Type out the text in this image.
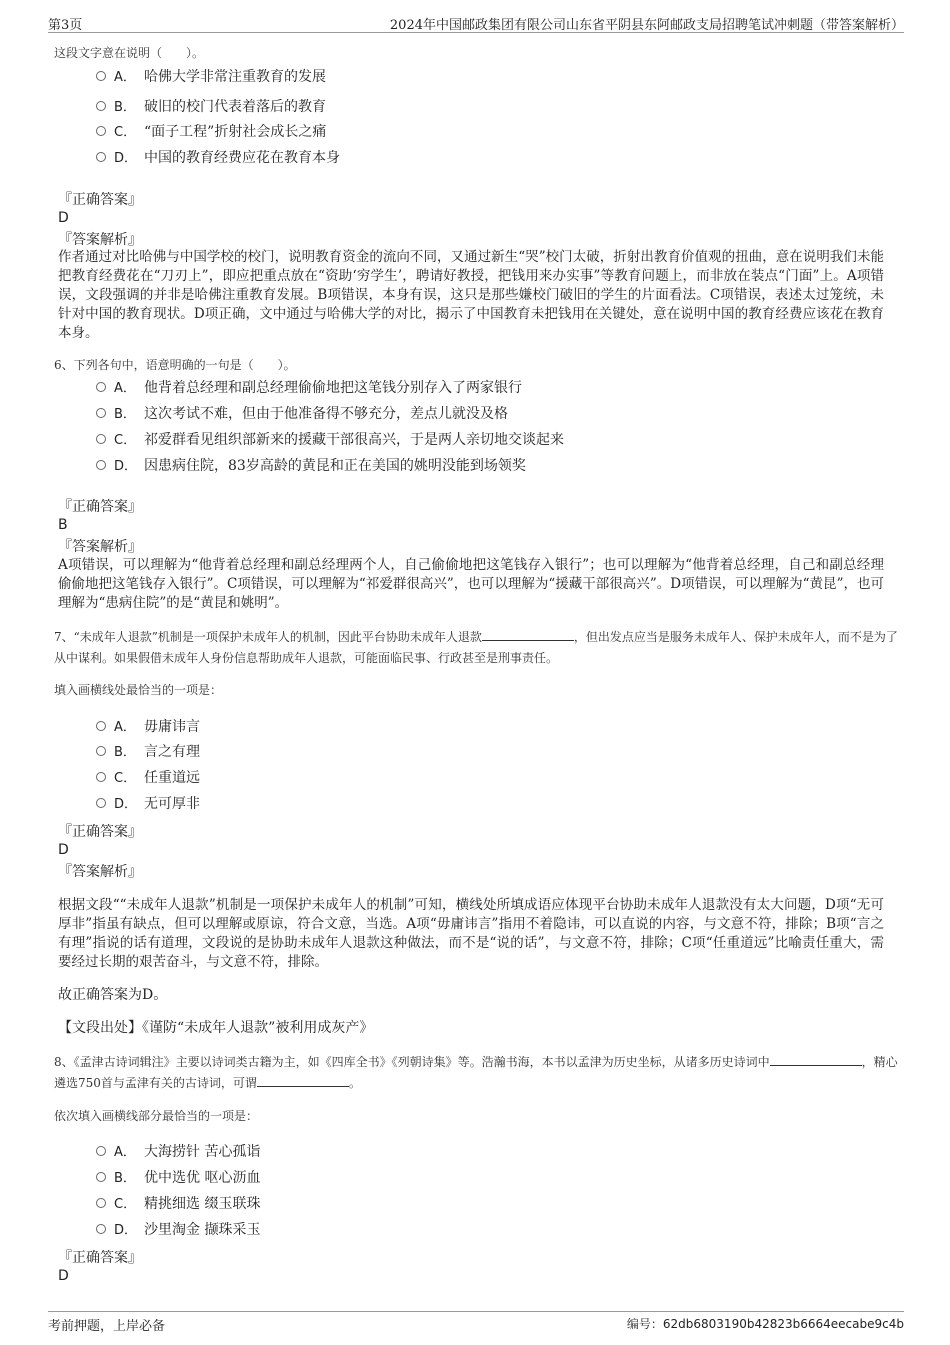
第3页	2024年中国邮政集团有限公司山东省平阴县东阿邮政支局招聘笔试冲刺题（带答案解析）
这段文字意在说明（　　）。
A． 哈佛大学非常注重教育的发展
B． 破旧的校门代表着落后的教育
C． “面子工程”折射社会成长之痛
D． 中国的教育经费应花在教育本身
『正确答案』
D
『答案解析』
作者通过对比哈佛与中国学校的校门，说明教育资金的流向不同，又通过新生“哭”校门太破，折射出教育价值观的扭曲，意在说明我们未能把教育经费花在“刀刃上”，即应把重点放在“资助‘穷学生’，聘请好教授，把钱用来办实事”等教育问题上，而非放在装点“门面”上。A项错误，文段强调的并非是哈佛注重教育发展。B项错误，本身有误，这只是那些嫌校门破旧的学生的片面看法。C项错误，表述太过笼统，未针对中国的教育现状。D项正确，文中通过与哈佛大学的对比，揭示了中国教育未把钱用在关键处，意在说明中国的教育经费应该花在教育本身。
6、下列各句中，语意明确的一句是（　　）。
A． 他背着总经理和副总经理偷偷地把这笔钱分别存入了两家银行
B． 这次考试不难，但由于他准备得不够充分，差点儿就没及格
C． 祁爱群看见组织部新来的援藏干部很高兴，于是两人亲切地交谈起来
D． 因患病住院，83岁高龄的黄昆和正在美国的姚明没能到场领奖
『正确答案』
B
『答案解析』
A项错误，可以理解为“他背着总经理和副总经理两个人，自己偷偷地把这笔钱存入银行”；也可以理解为“他背着总经理，自己和副总经理偷偷地把这笔钱存入银行”。C项错误，可以理解为“祁爱群很高兴”，也可以理解为“援藏干部很高兴”。D项错误，可以理解为“黄昆”，也可理解为“患病住院”的是“黄昆和姚明”。
7、“未成年人退款”机制是一项保护未成年人的机制，因此平台协助未成年人退款	，但出发点应当是服务未成年人、保护未成年人，而不是为了从中谋利。如果假借未成年人身份信息帮助成年人退款，可能面临民事、行政甚至是刑事责任。
填入画横线处最恰当的一项是：
A． 毋庸讳言
B． 言之有理
C． 任重道远
D． 无可厚非
『正确答案』
D
『答案解析』
根据文段““未成年人退款”机制是一项保护未成年人的机制”可知，横线处所填成语应体现平台协助未成年人退款没有太大问题，D项“无可厚非”指虽有缺点，但可以理解或原谅，符合文意，当选。A项“毋庸讳言”指用不着隐讳，可以直说的内容，与文意不符，排除；B项“言之有理”指说的话有道理，文段说的是协助未成年人退款这种做法，而不是“说的话”，与文意不符，排除；C项“任重道远”比喻责任重大，需要经过长期的艰苦奋斗，与文意不符，排除。
故正确答案为D。
【文段出处】《谨防“未成年人退款”被利用成灰产》
8、《孟津古诗词辑注》主要以诗词类古籍为主，如《四库全书》《列朝诗集》等。浩瀚书海，本书以孟津为历史坐标，从诸多历史诗词中	，精心遴选750首与孟津有关的古诗词，可谓	。
依次填入画横线部分最恰当的一项是：
A． 大海捞针 苦心孤诣
B． 优中选优 呕心沥血
C． 精挑细选 缀玉联珠
D． 沙里淘金 撷珠采玉
『正确答案』
D
考前押题，上岸必备	编号：62db6803190b42823b6664eecabe9c4b
